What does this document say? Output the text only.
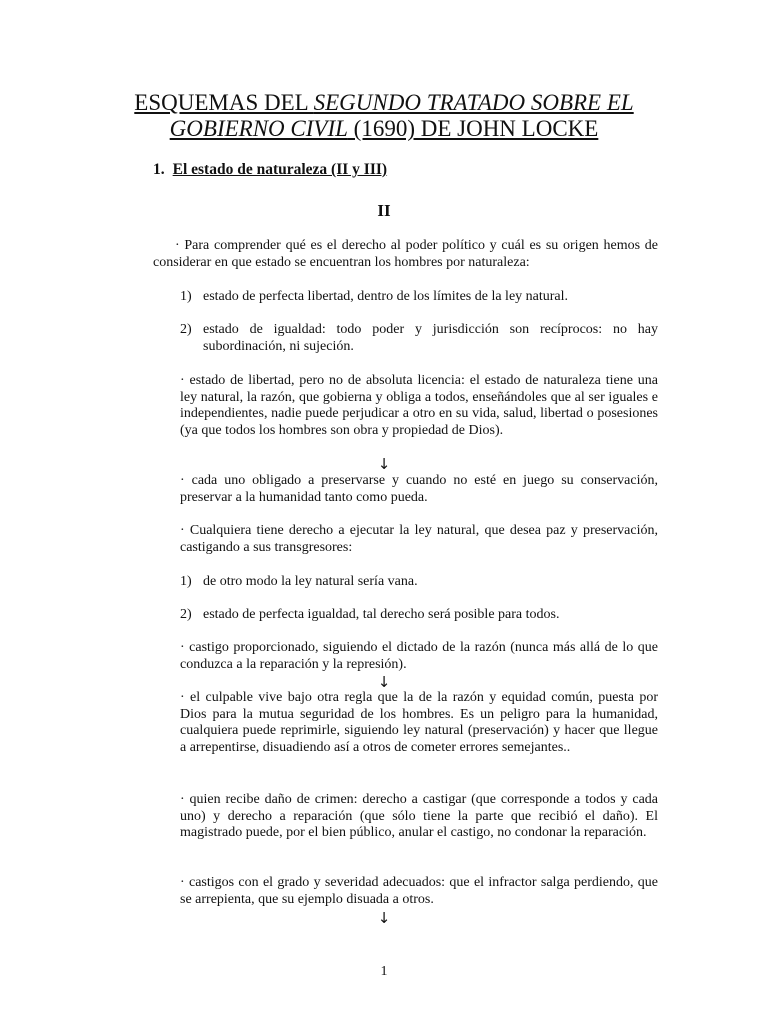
ESQUEMAS DEL SEGUNDO TRATADO SOBRE EL
GOBIERNO CIVIL (1690) DE JOHN LOCKE
1. El estado de naturaleza (II y III)
II
· Para comprender qué es el derecho al poder político y cuál es su origen hemos de considerar en que estado se encuentran los hombres por naturaleza:
1) estado de perfecta libertad, dentro de los límites de la ley natural.
2) estado de igualdad: todo poder y jurisdicción son recíprocos: no hay subordinación, ni sujeción.
· estado de libertad, pero no de absoluta licencia: el estado de naturaleza tiene una ley natural, la razón, que gobierna y obliga a todos, enseñándoles que al ser iguales e independientes, nadie puede perjudicar a otro en su vida, salud, libertad o posesiones (ya que todos los hombres son obra y propiedad de Dios).
↓
· cada uno obligado a preservarse y cuando no esté en juego su conservación, preservar a la humanidad tanto como pueda.
· Cualquiera tiene derecho a ejecutar la ley natural, que desea paz y preservación, castigando a sus transgresores:
1) de otro modo la ley natural sería vana.
2) estado de perfecta igualdad, tal derecho será posible para todos.
· castigo proporcionado, siguiendo el dictado de la razón (nunca más allá de lo que conduzca a la reparación y la represión).
↓
· el culpable vive bajo otra regla que la de la razón y equidad común, puesta por Dios para la mutua seguridad de los hombres. Es un peligro para la humanidad, cualquiera puede reprimirle, siguiendo ley natural (preservación) y hacer que llegue a arrepentirse, disuadiendo así a otros de cometer errores semejantes..
· quien recibe daño de crimen: derecho a castigar (que corresponde a todos y cada uno) y derecho a reparación (que sólo tiene la parte que recibió el daño). El magistrado puede, por el bien público, anular el castigo, no condonar la reparación.
· castigos con el grado y severidad adecuados: que el infractor salga perdiendo, que se arrepienta, que su ejemplo disuada a otros.
↓
1
